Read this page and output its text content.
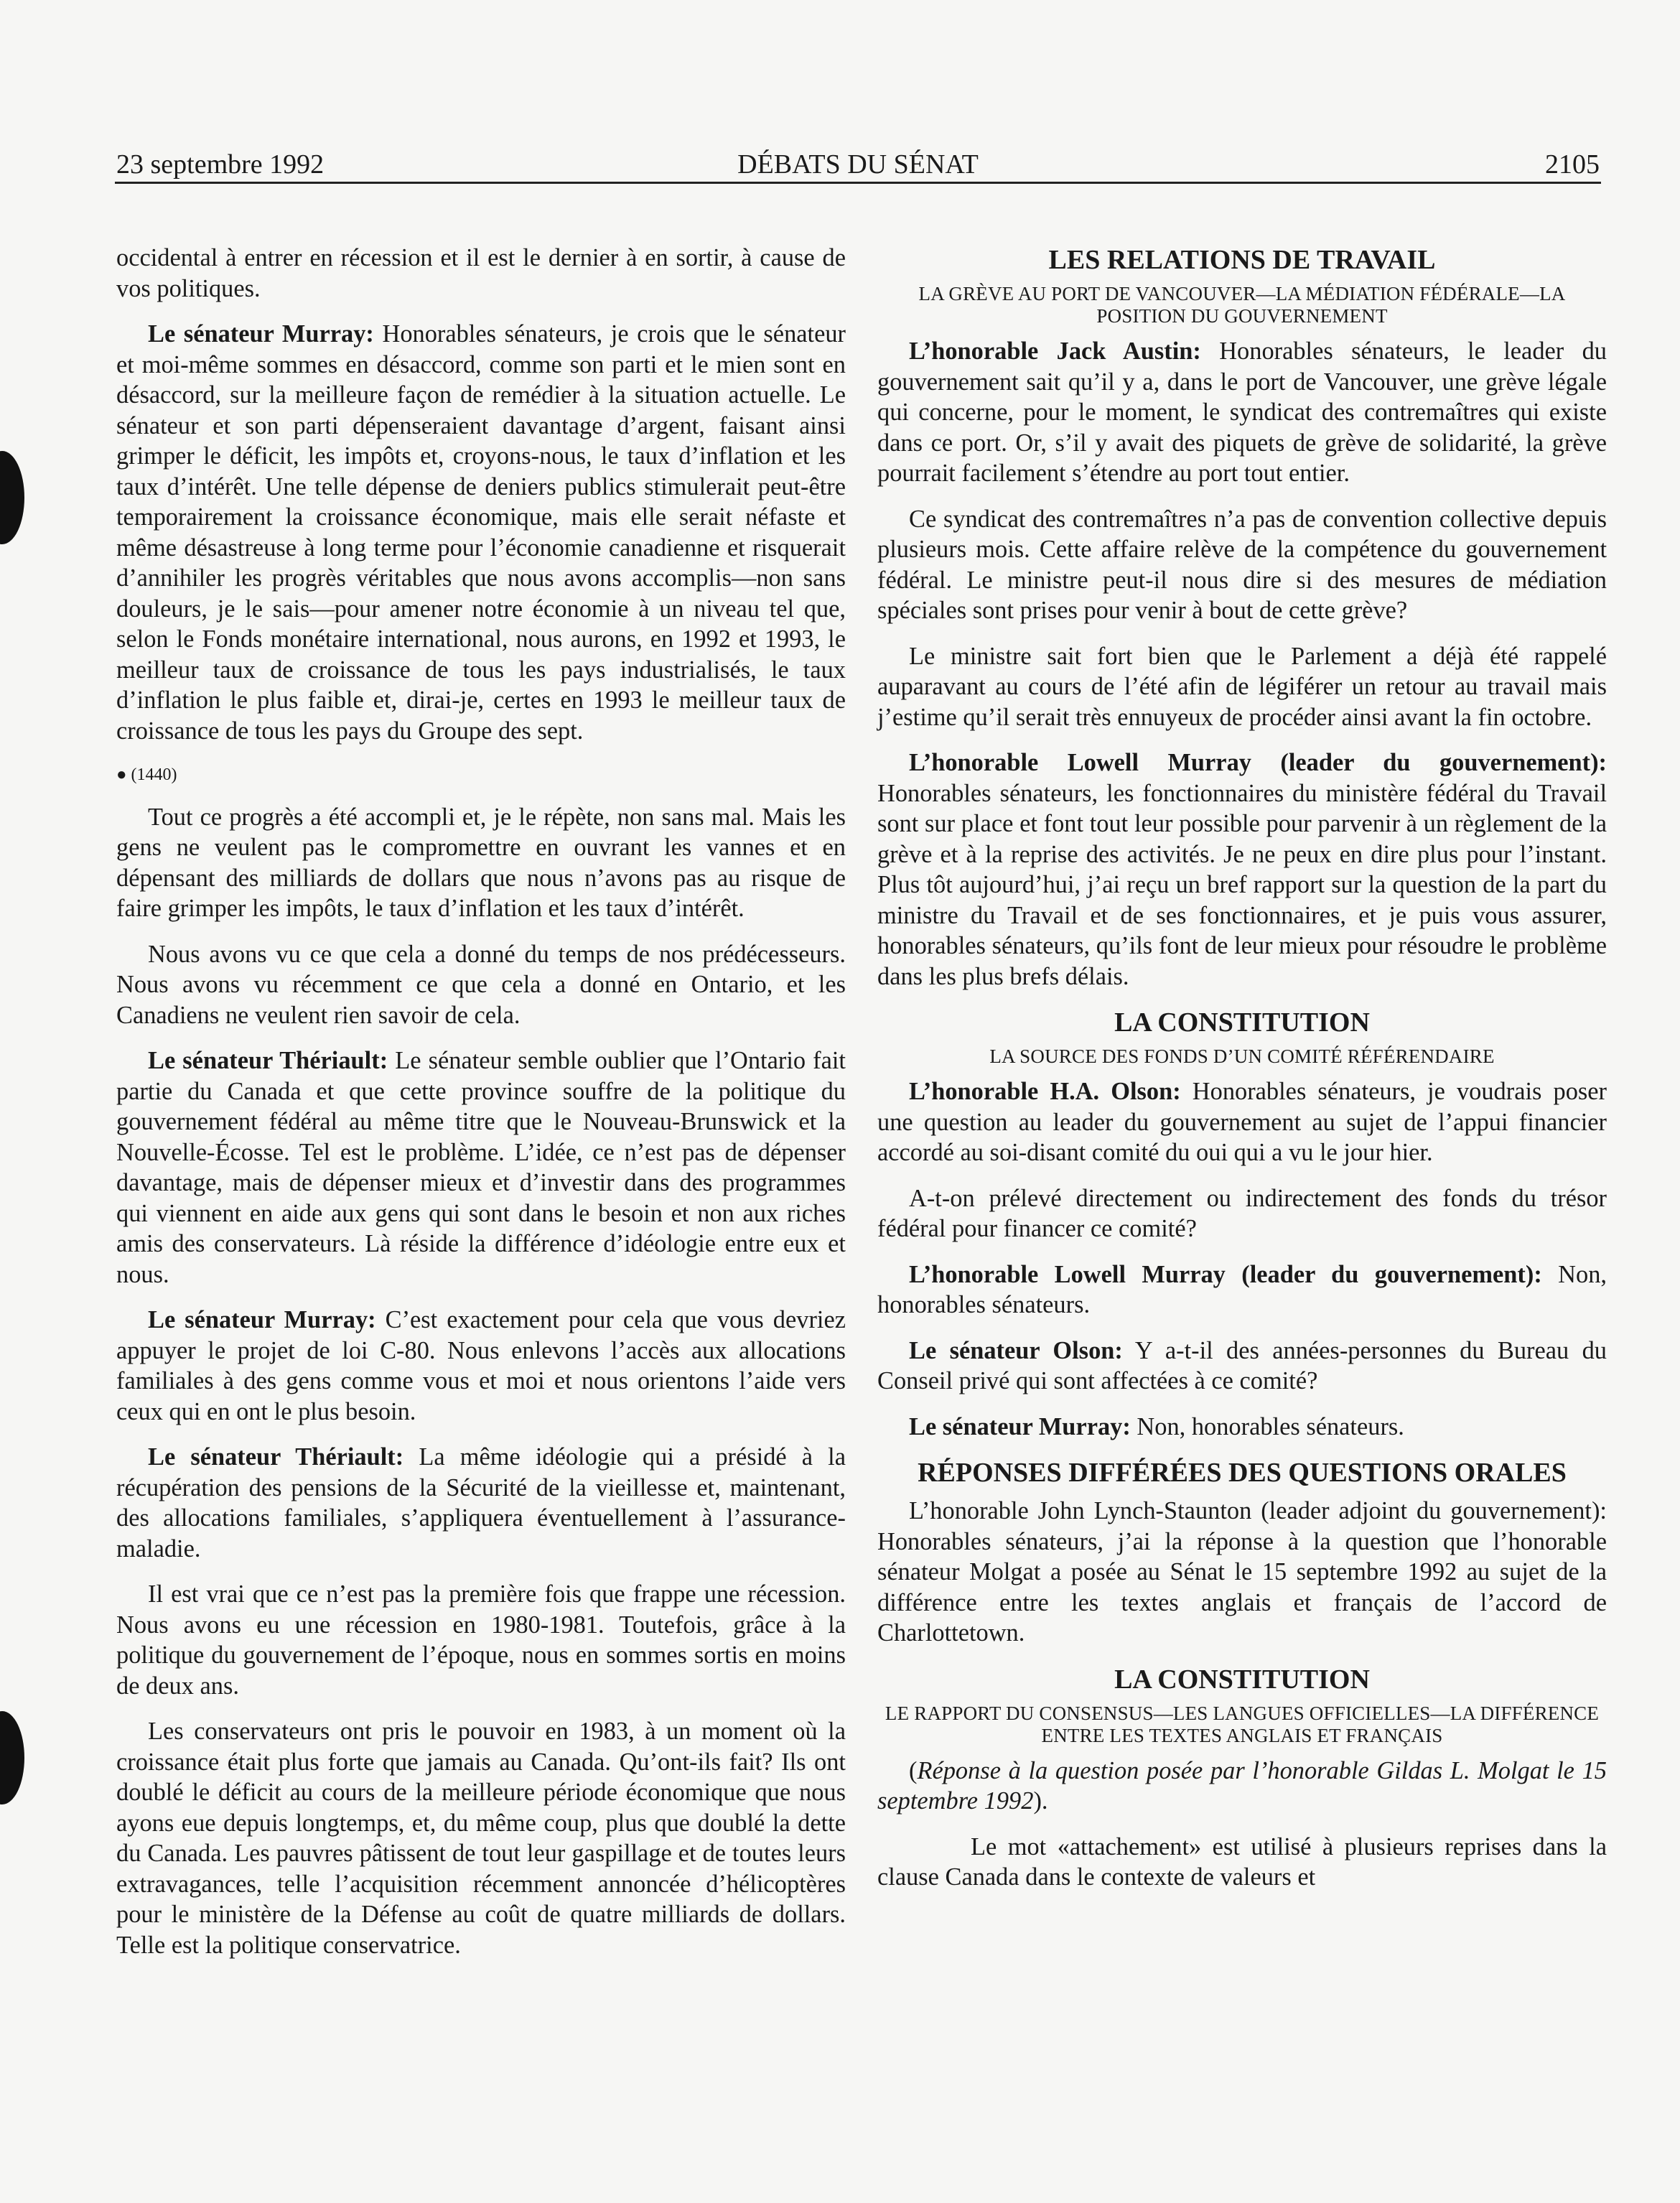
23 septembre 1992	DÉBATS DU SÉNAT	2105

occidental à entrer en récession et il est le dernier à en sortir, à cause de vos politiques.

Le sénateur Murray: Honorables sénateurs, je crois que le sénateur et moi-même sommes en désaccord, comme son parti et le mien sont en désaccord, sur la meilleure façon de remédier à la situation actuelle. Le sénateur et son parti dépenseraient davantage d’argent, faisant ainsi grimper le déficit, les impôts et, croyons-nous, le taux d’inflation et les taux d’intérêt. Une telle dépense de deniers publics stimulerait peut-être temporairement la croissance économique, mais elle serait néfaste et même désastreuse à long terme pour l’économie canadienne et risquerait d’annihiler les progrès véritables que nous avons accomplis—non sans douleurs, je le sais—pour amener notre économie à un niveau tel que, selon le Fonds monétaire international, nous aurons, en 1992 et 1993, le meilleur taux de croissance de tous les pays industrialisés, le taux d’inflation le plus faible et, dirai-je, certes en 1993 le meilleur taux de croissance de tous les pays du Groupe des sept.

● (1440)

Tout ce progrès a été accompli et, je le répète, non sans mal. Mais les gens ne veulent pas le compromettre en ouvrant les vannes et en dépensant des milliards de dollars que nous n’avons pas au risque de faire grimper les impôts, le taux d’inflation et les taux d’intérêt.

Nous avons vu ce que cela a donné du temps de nos prédécesseurs. Nous avons vu récemment ce que cela a donné en Ontario, et les Canadiens ne veulent rien savoir de cela.

Le sénateur Thériault: Le sénateur semble oublier que l’Ontario fait partie du Canada et que cette province souffre de la politique du gouvernement fédéral au même titre que le Nouveau-Brunswick et la Nouvelle-Écosse. Tel est le problème. L’idée, ce n’est pas de dépenser davantage, mais de dépenser mieux et d’investir dans des programmes qui viennent en aide aux gens qui sont dans le besoin et non aux riches amis des conservateurs. Là réside la différence d’idéologie entre eux et nous.

Le sénateur Murray: C’est exactement pour cela que vous devriez appuyer le projet de loi C-80. Nous enlevons l’accès aux allocations familiales à des gens comme vous et moi et nous orientons l’aide vers ceux qui en ont le plus besoin.

Le sénateur Thériault: La même idéologie qui a présidé à la récupération des pensions de la Sécurité de la vieillesse et, maintenant, des allocations familiales, s’appliquera éventuellement à l’assurance-maladie.

Il est vrai que ce n’est pas la première fois que frappe une récession. Nous avons eu une récession en 1980-1981. Toutefois, grâce à la politique du gouvernement de l’époque, nous en sommes sortis en moins de deux ans.

Les conservateurs ont pris le pouvoir en 1983, à un moment où la croissance était plus forte que jamais au Canada. Qu’ont-ils fait? Ils ont doublé le déficit au cours de la meilleure période économique que nous ayons eue depuis longtemps, et, du même coup, plus que doublé la dette du Canada. Les pauvres pâtissent de tout leur gaspillage et de toutes leurs extravagances, telle l’acquisition récemment annoncée d’hélicoptères pour le ministère de la Défense au coût de quatre milliards de dollars. Telle est la politique conservatrice.

LES RELATIONS DE TRAVAIL
LA GRÈVE AU PORT DE VANCOUVER—LA MÉDIATION FÉDÉRALE—LA POSITION DU GOUVERNEMENT

L’honorable Jack Austin: Honorables sénateurs, le leader du gouvernement sait qu’il y a, dans le port de Vancouver, une grève légale qui concerne, pour le moment, le syndicat des contremaîtres qui existe dans ce port. Or, s’il y avait des piquets de grève de solidarité, la grève pourrait facilement s’étendre au port tout entier.

Ce syndicat des contremaîtres n’a pas de convention collective depuis plusieurs mois. Cette affaire relève de la compétence du gouvernement fédéral. Le ministre peut-il nous dire si des mesures de médiation spéciales sont prises pour venir à bout de cette grève?

Le ministre sait fort bien que le Parlement a déjà été rappelé auparavant au cours de l’été afin de légiférer un retour au travail mais j’estime qu’il serait très ennuyeux de procéder ainsi avant la fin octobre.

L’honorable Lowell Murray (leader du gouvernement): Honorables sénateurs, les fonctionnaires du ministère fédéral du Travail sont sur place et font tout leur possible pour parvenir à un règlement de la grève et à la reprise des activités. Je ne peux en dire plus pour l’instant. Plus tôt aujourd’hui, j’ai reçu un bref rapport sur la question de la part du ministre du Travail et de ses fonctionnaires, et je puis vous assurer, honorables sénateurs, qu’ils font de leur mieux pour résoudre le problème dans les plus brefs délais.

LA CONSTITUTION
LA SOURCE DES FONDS D’UN COMITÉ RÉFÉRENDAIRE

L’honorable H.A. Olson: Honorables sénateurs, je voudrais poser une question au leader du gouvernement au sujet de l’appui financier accordé au soi-disant comité du oui qui a vu le jour hier.

A-t-on prélevé directement ou indirectement des fonds du trésor fédéral pour financer ce comité?

L’honorable Lowell Murray (leader du gouvernement): Non, honorables sénateurs.

Le sénateur Olson: Y a-t-il des années-personnes du Bureau du Conseil privé qui sont affectées à ce comité?

Le sénateur Murray: Non, honorables sénateurs.

RÉPONSES DIFFÉRÉES DES QUESTIONS ORALES

L’honorable John Lynch-Staunton (leader adjoint du gouvernement): Honorables sénateurs, j’ai la réponse à la question que l’honorable sénateur Molgat a posée au Sénat le 15 septembre 1992 au sujet de la différence entre les textes anglais et français de l’accord de Charlottetown.

LA CONSTITUTION
LE RAPPORT DU CONSENSUS—LES LANGUES OFFICIELLES—LA DIFFÉRENCE ENTRE LES TEXTES ANGLAIS ET FRANÇAIS

(Réponse à la question posée par l’honorable Gildas L. Molgat le 15 septembre 1992).

Le mot «attachement» est utilisé à plusieurs reprises dans la clause Canada dans le contexte de valeurs et
